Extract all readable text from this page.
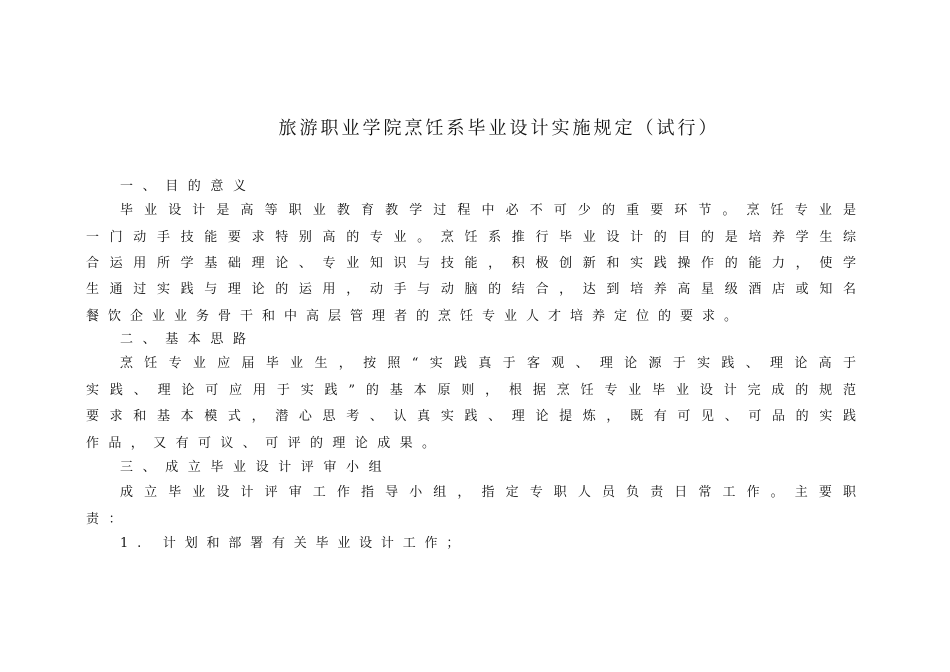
旅游职业学院烹饪系毕业设计实施规定（试行）
一、目的意义
毕业设计是高等职业教育教学过程中必不可少的重要环节。烹饪专业是
一门动手技能要求特别高的专业。烹饪系推行毕业设计的目的是培养学生综
合运用所学基础理论、专业知识与技能，积极创新和实践操作的能力，使学
生通过实践与理论的运用，动手与动脑的结合，达到培养高星级酒店或知名
餐饮企业业务骨干和中高层管理者的烹饪专业人才培养定位的要求。
二、基本思路
烹饪专业应届毕业生，按照“实践真于客观、理论源于实践、理论高于
实践、理论可应用于实践”的基本原则，根据烹饪专业毕业设计完成的规范
要求和基本模式，潜心思考、认真实践、理论提炼，既有可见、可品的实践
作品，又有可议、可评的理论成果。
三、成立毕业设计评审小组
成立毕业设计评审工作指导小组，指定专职人员负责日常工作。主要职
责：
1. 计划和部署有关毕业设计工作；
